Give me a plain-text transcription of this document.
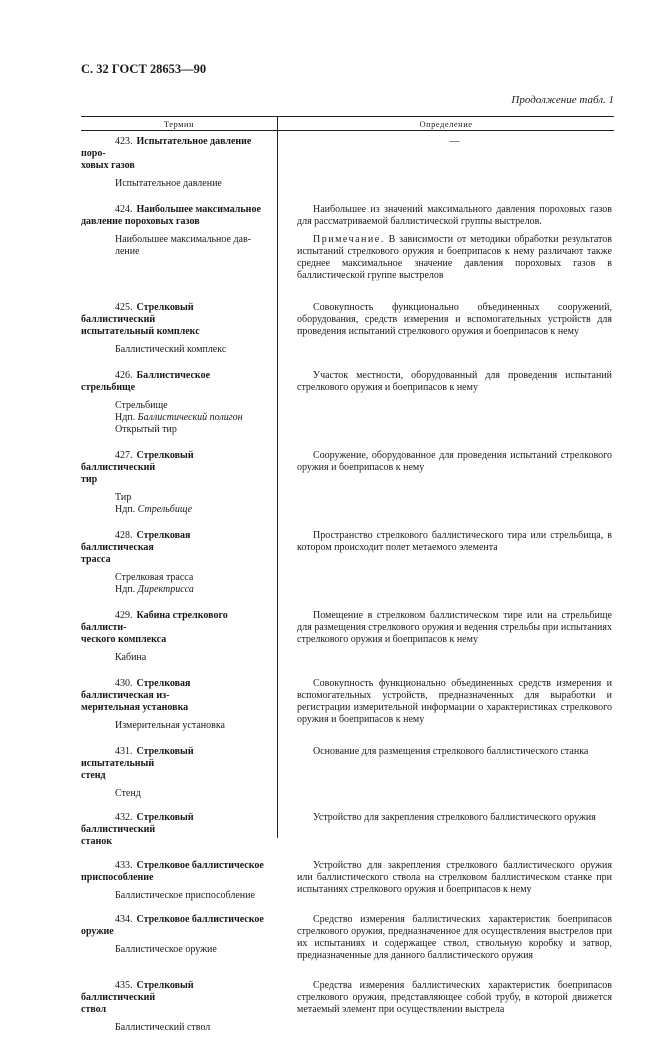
С. 32 ГОСТ 28653—90
Продолжение табл. 1
Термин	Определение
423. Испытательное давление поро-
ховых газов
Испытательное давление
—
424. Наибольшее максимальное
давление пороховых газов
Наибольшее максимальное дав-
ление
Наибольшее из значений максимального давления пороховых газов для рассматриваемой баллистической группы выстрелов.
Примечание. В зависимости от методики обработки результатов испытаний стрелкового оружия и боеприпасов к нему различают также среднее максимальное значение давления пороховых газов в баллистической группе выстрелов
425. Стрелковый баллистический
испытательный комплекс
Баллистический комплекс
Совокупность функционально объединенных сооружений, оборудования, средств измерения и вспомогательных устройств для проведения испытаний стрелкового оружия и боеприпасов к нему
426. Баллистическое стрельбище
Стрельбище
Ндп. Баллистический полигон
Открытый тир
Участок местности, оборудованный для проведения испытаний стрелкового оружия и боеприпасов к нему
427. Стрелковый баллистический
тир
Тир
Ндп. Стрельбище
Сооружение, оборудованное для проведения испытаний стрелкового оружия и боеприпасов к нему
428. Стрелковая баллистическая
трасса
Стрелковая трасса
Ндп. Директрисса
Пространство стрелкового баллистического тира или стрельбища, в котором происходит полет метаемого элемента
429. Кабина стрелкового баллисти-
ческого комплекса
Кабина
Помещение в стрелковом баллистическом тире или на стрельбище для размещения стрелкового оружия и ведения стрельбы при испытаниях стрелкового оружия и боеприпасов к нему
430. Стрелковая баллистическая из-
мерительная установка
Измерительная установка
Совокупность функционально объединенных средств измерения и вспомогательных устройств, предназначенных для выработки и регистрации измерительной информации о характеристиках стрелкового оружия и боеприпасов к нему
431. Стрелковый испытательный
стенд
Стенд
Основание для размещения стрелкового баллистического станка
432. Стрелковый баллистический
станок
Устройство для закрепления стрелкового баллистического оружия
433. Стрелковое баллистическое
приспособление
Баллистическое приспособление
Устройство для закрепления стрелкового баллистического оружия или баллистического ствола на стрелковом баллистическом станке при испытаниях стрелкового оружия и боеприпасов к нему
434. Стрелковое баллистическое
оружие
Баллистическое оружие
Средство измерения баллистических характеристик боеприпасов стрелкового оружия, предназначенное для осуществления выстрелов при их испытаниях и содержащее ствол, ствольную коробку и затвор, предназначенные для данного баллистического оружия
435. Стрелковый баллистический
ствол
Баллистический ствол
Средства измерения баллистических характеристик боеприпасов стрелкового оружия, представляющее собой трубу, в которой движется метаемый элемент при осуществлении выстрела
